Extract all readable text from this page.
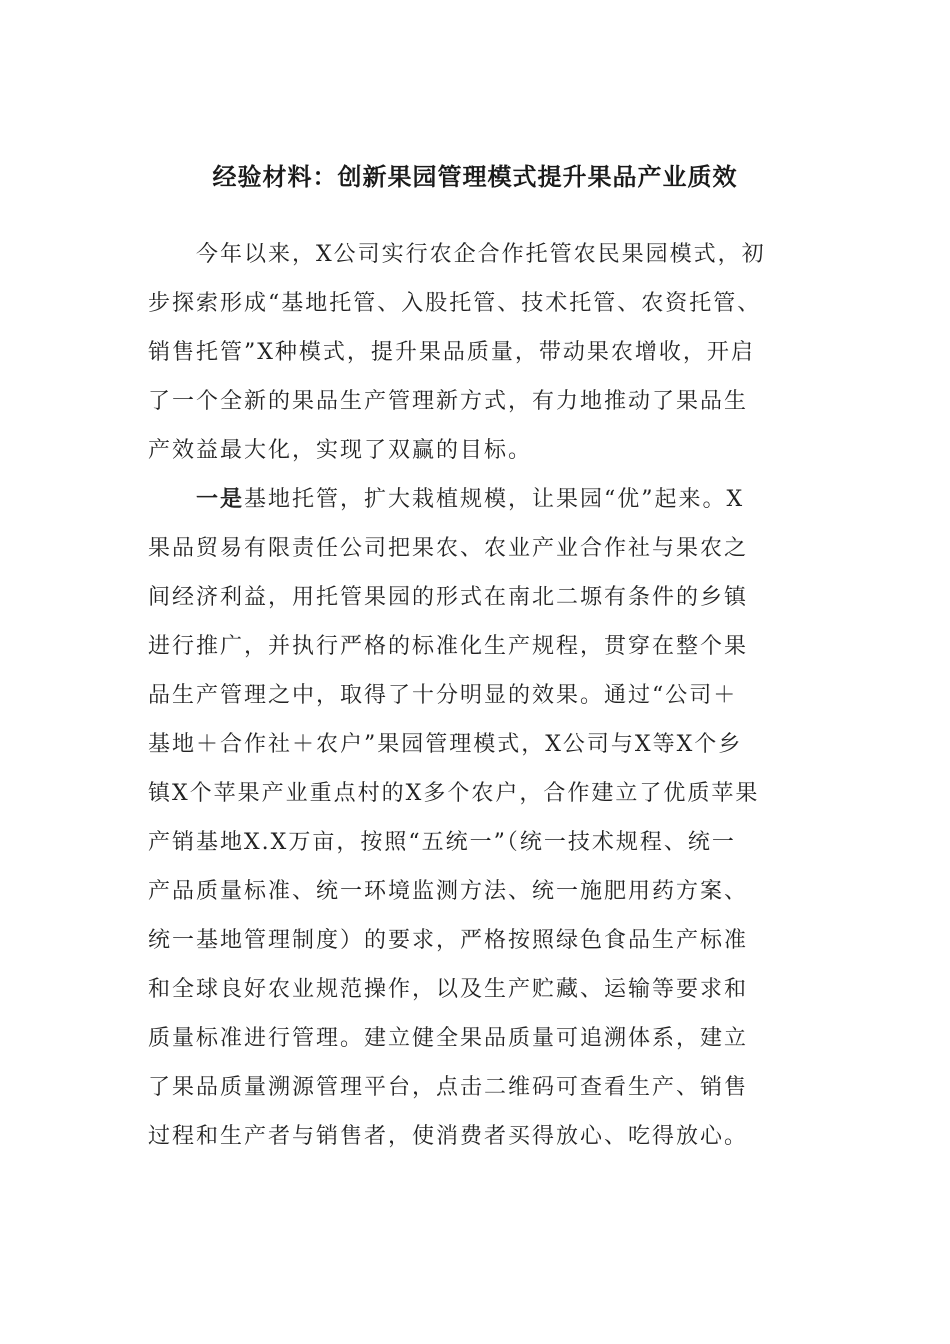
经验材料：创新果园管理模式提升果品产业质效

　　今年以来，X公司实行农企合作托管农民果园模式，初
步探索形成“基地托管、入股托管、技术托管、农资托管、
销售托管”X种模式，提升果品质量，带动果农增收，开启
了一个全新的果品生产管理新方式，有力地推动了果品生
产效益最大化，实现了双赢的目标。

　　一是基地托管，扩大栽植规模，让果园“优”起来。X
果品贸易有限责任公司把果农、农业产业合作社与果农之
间经济利益，用托管果园的形式在南北二塬有条件的乡镇
进行推广，并执行严格的标准化生产规程，贯穿在整个果
品生产管理之中，取得了十分明显的效果。通过“公司＋
基地＋合作社＋农户”果园管理模式，X公司与X等X个乡
镇X个苹果产业重点村的X多个农户，合作建立了优质苹果
产销基地X.X万亩，按照“五统一”（统一技术规程、统一
产品质量标准、统一环境监测方法、统一施肥用药方案、
统一基地管理制度）的要求，严格按照绿色食品生产标准
和全球良好农业规范操作，以及生产贮藏、运输等要求和
质量标准进行管理。建立健全果品质量可追溯体系，建立
了果品质量溯源管理平台，点击二维码可查看生产、销售
过程和生产者与销售者，使消费者买得放心、吃得放心。
